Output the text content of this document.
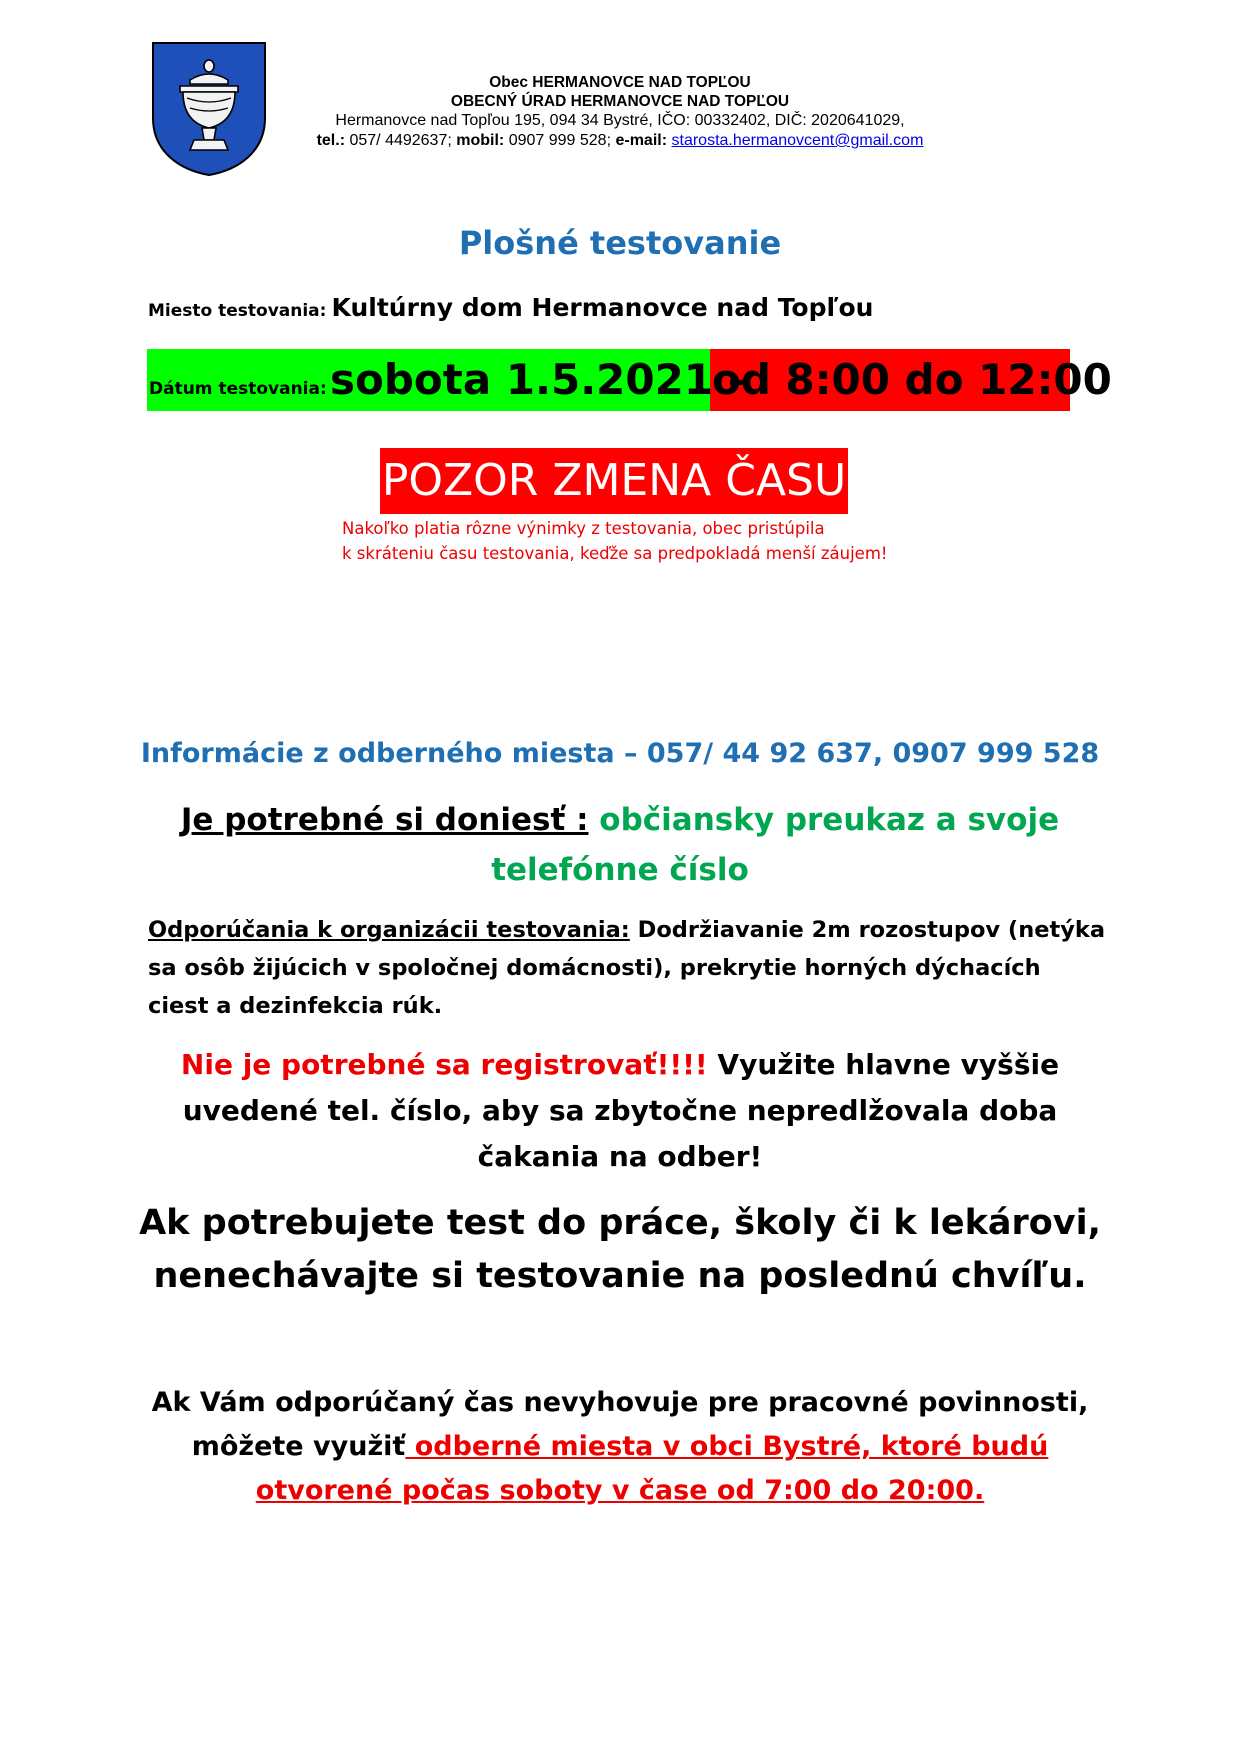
Obec HERMANOVCE NAD TOPĽOU
OBECNÝ ÚRAD HERMANOVCE NAD TOPĽOU
Hermanovce nad Topľou 195, 094 34 Bystré, IČO: 00332402, DIČ: 2020641029,
tel.: 057/ 4492637; mobil: 0907 999 528; e-mail: starosta.hermanovcent@gmail.com
Plošné testovanie
Miesto testovania: Kultúrny dom Hermanovce nad Topľou
Dátum testovania: sobota 1.5.2021 –
od 8:00 do 12:00
POZOR ZMENA ČASU
Nakoľko platia rôzne výnimky z testovania, obec pristúpila
k skráteniu času testovania, keďže sa predpokladá menší záujem!
Informácie z odberného miesta – 057/ 44 92 637, 0907 999 528
Je potrebné si doniesť : občiansky preukaz a svoje telefónne číslo
Odporúčania k organizácii testovania: Dodržiavanie 2m rozostupov (netýka sa osôb žijúcich v spoločnej domácnosti), prekrytie horných dýchacích ciest a dezinfekcia rúk.
Nie je potrebné sa registrovať!!!! Využite hlavne vyššie uvedené tel. číslo, aby sa zbytočne nepredlžovala doba čakania na odber!
Ak potrebujete test do práce, školy či k lekárovi,
nenechávajte si testovanie na poslednú chvíľu.
Ak Vám odporúčaný čas nevyhovuje pre pracovné povinnosti,
môžete využiť odberné miesta v obci Bystré, ktoré budú otvorené počas soboty v čase od 7:00 do 20:00.
